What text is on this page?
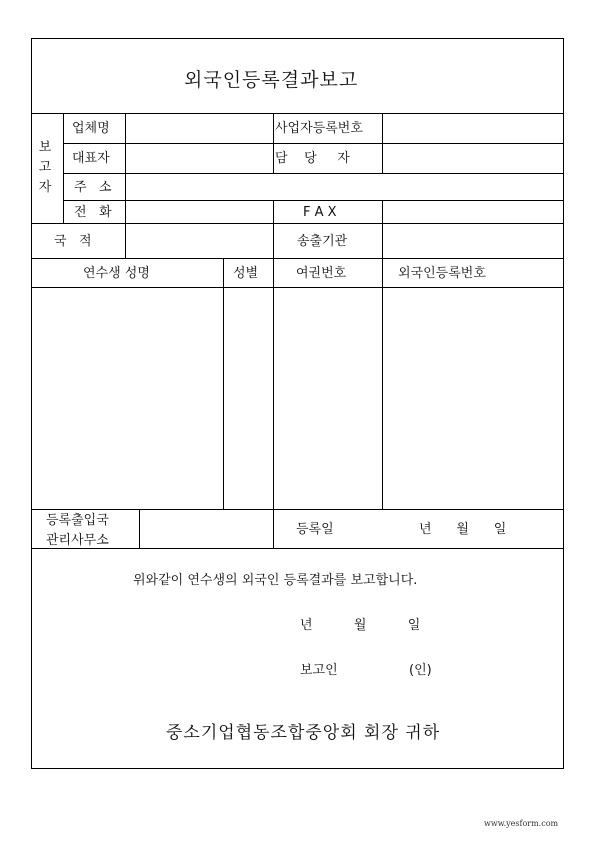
외국인등록결과보고
보
고
자
업체명	사업자등록번호
대표자	담    당     자
주   소
전   화	F A X
국   적	송출기관
연수생 성명	성별	여권번호	외국인등록번호
등록출입국
관리사무소
등록일	년      월      일
위와같이 연수생의 외국인 등록결과를 보고합니다.
년          월          일
보고인	(인)
중소기업협동조합중앙회 회장 귀하
www.yesform.com
